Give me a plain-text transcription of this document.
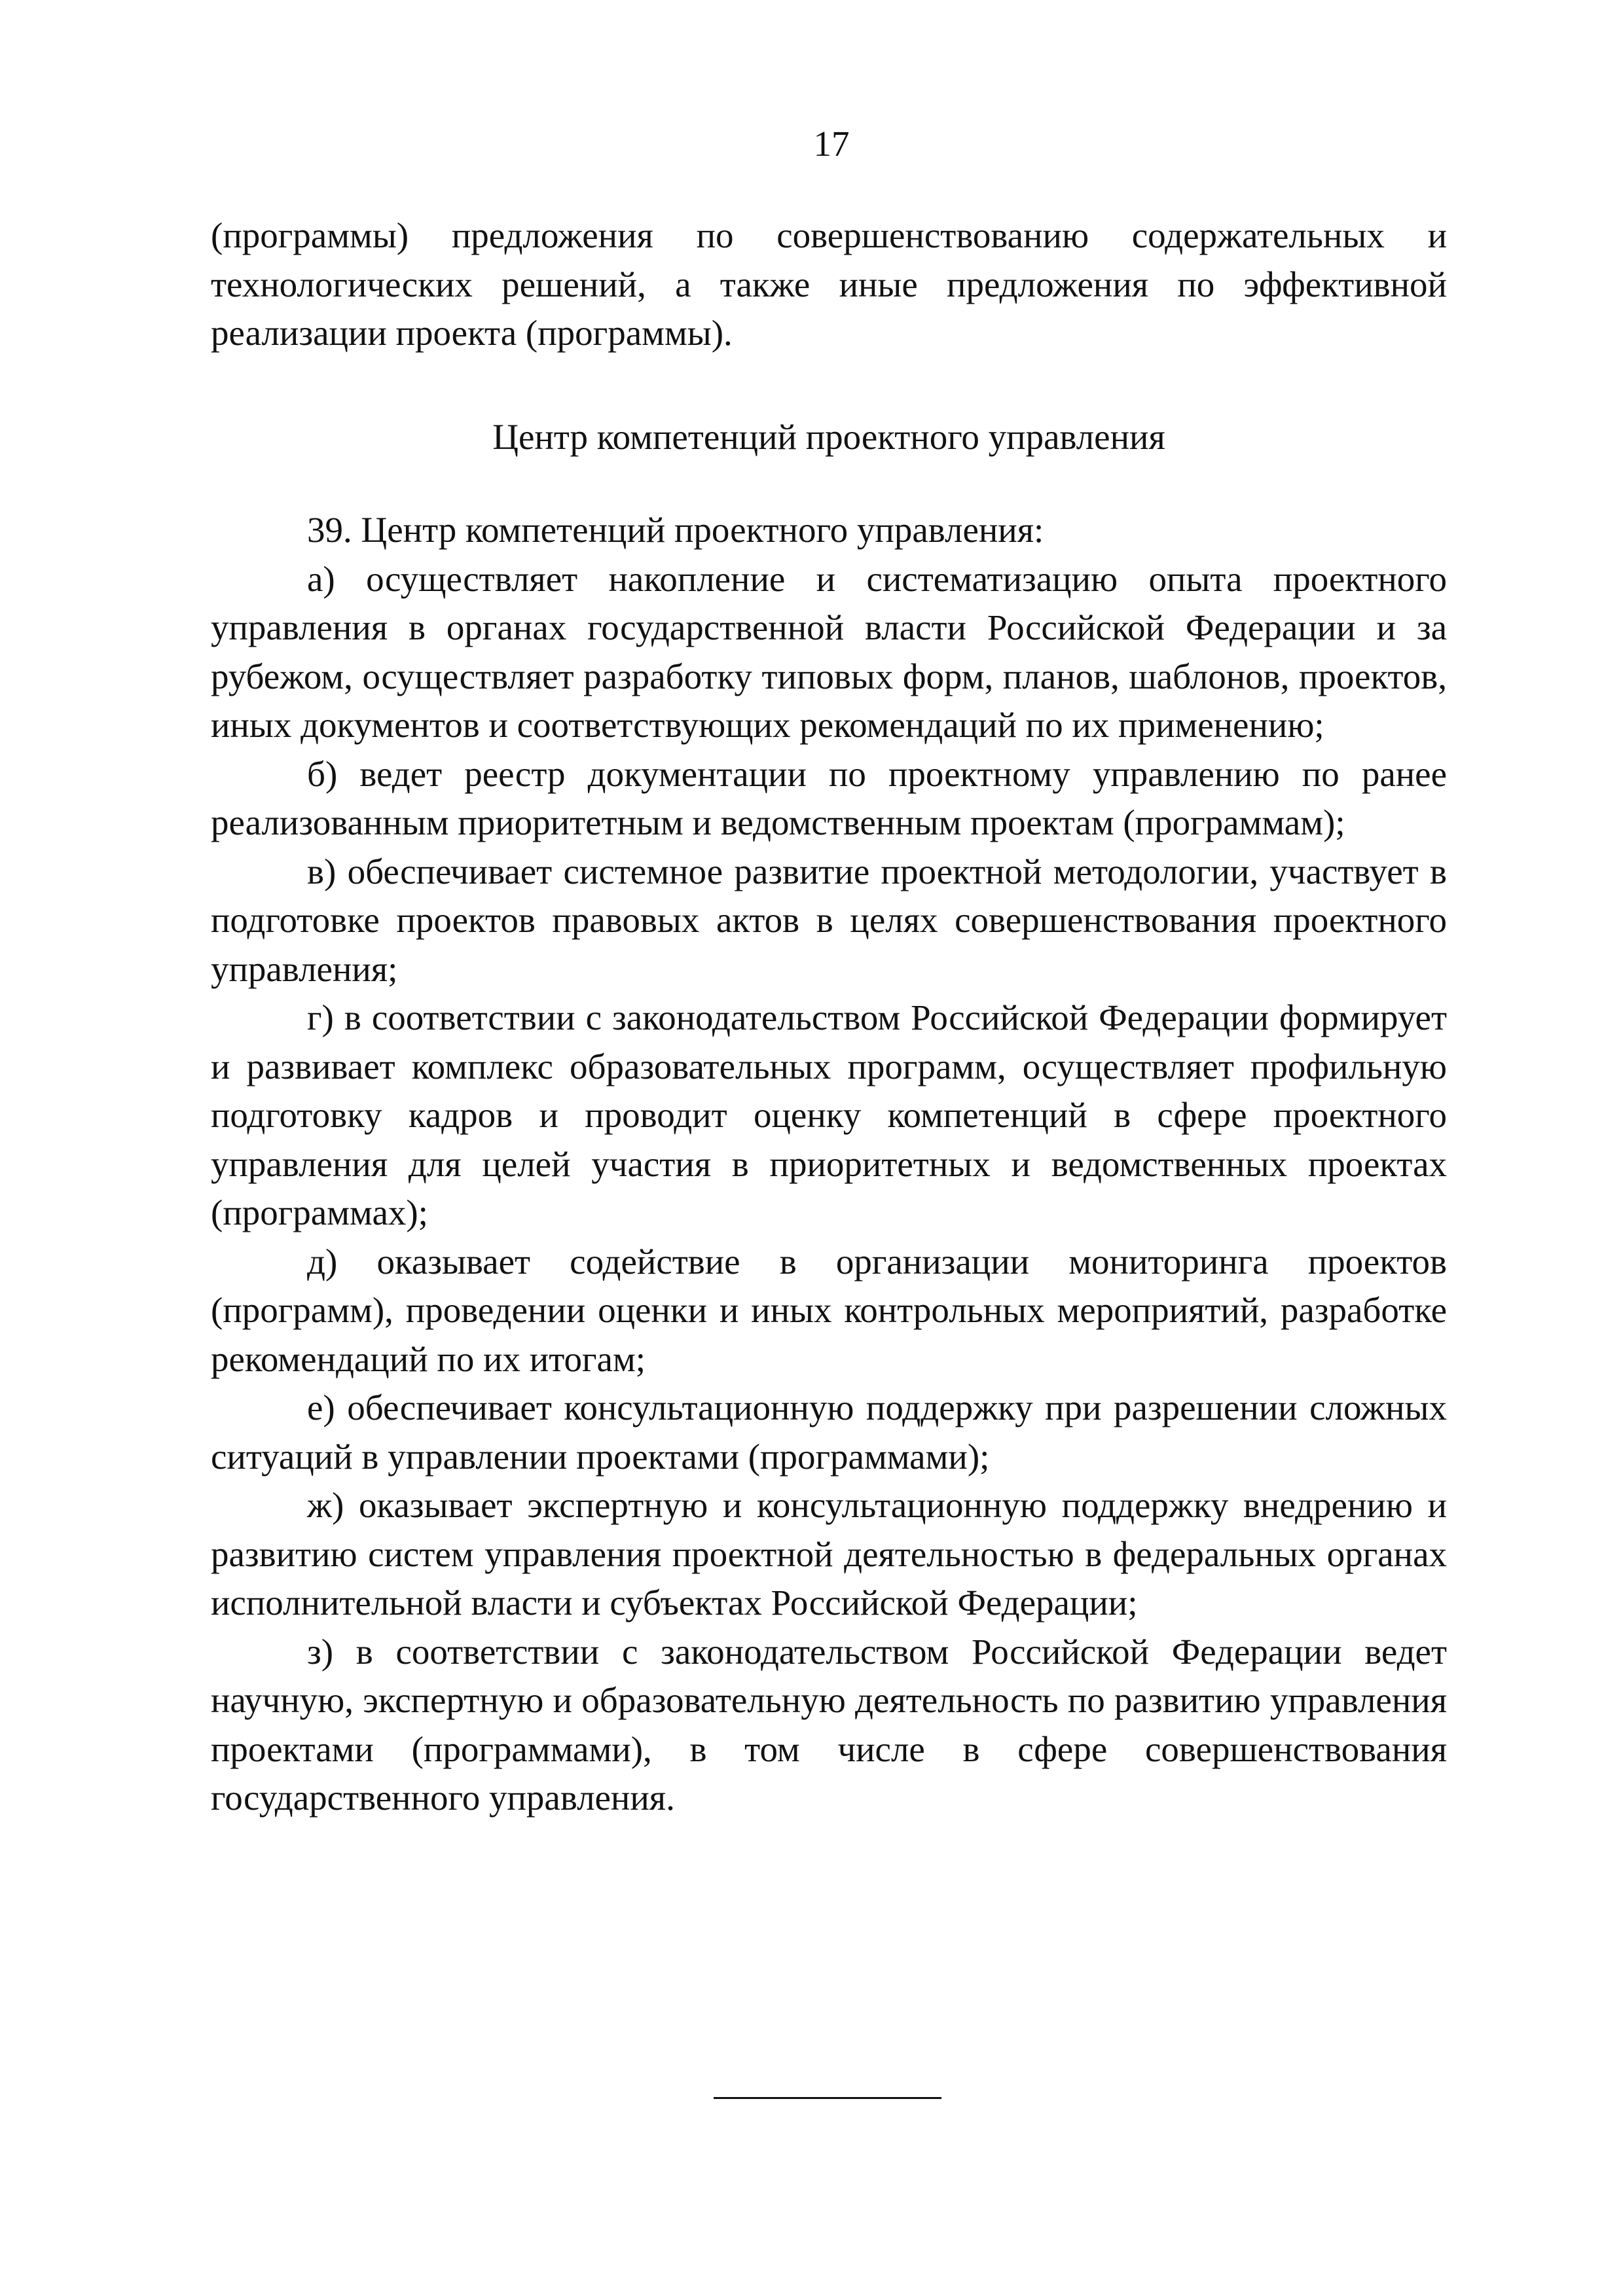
17

(программы) предложения по совершенствованию содержательных и технологических решений, а также иные предложения по эффективной реализации проекта (программы).

Центр компетенций проектного управления

39. Центр компетенций проектного управления:

а) осуществляет накопление и систематизацию опыта проектного управления в органах государственной власти Российской Федерации и за рубежом, осуществляет разработку типовых форм, планов, шаблонов, проектов, иных документов и соответствующих рекомендаций по их применению;

б) ведет реестр документации по проектному управлению по ранее реализованным приоритетным и ведомственным проектам (программам);

в) обеспечивает системное развитие проектной методологии, участвует в подготовке проектов правовых актов в целях совершенствования проектного управления;

г) в соответствии с законодательством Российской Федерации формирует и развивает комплекс образовательных программ, осуществляет профильную подготовку кадров и проводит оценку компетенций в сфере проектного управления для целей участия в приоритетных и ведомственных проектах (программах);

д) оказывает содействие в организации мониторинга проектов (программ), проведении оценки и иных контрольных мероприятий, разработке рекомендаций по их итогам;

е) обеспечивает консультационную поддержку при разрешении сложных ситуаций в управлении проектами (программами);

ж) оказывает экспертную и консультационную поддержку внедрению и развитию систем управления проектной деятельностью в федеральных органах исполнительной власти и субъектах Российской Федерации;

з) в соответствии с законодательством Российской Федерации ведет научную, экспертную и образовательную деятельность по развитию управления проектами (программами), в том числе в сфере совершенствования государственного управления.
